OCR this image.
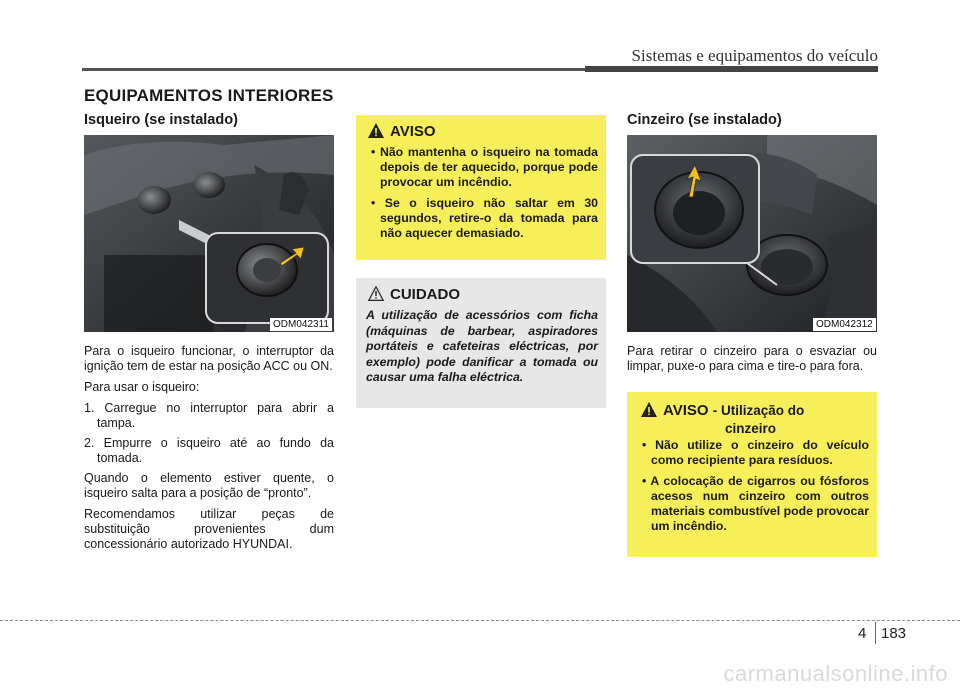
Sistemas e equipamentos do veículo
EQUIPAMENTOS INTERIORES
Isqueiro (se instalado)
ODM042311

Para o isqueiro funcionar, o interruptor da ignição tem de estar na posição ACC ou ON.

Para usar o isqueiro:

1. Carregue no interruptor para abrir a tampa.
2. Empurre o isqueiro até ao fundo da tomada.

Quando o elemento estiver quente, o isqueiro salta para a posição de “pronto”.

Recomendamos utilizar peças de substituição provenientes dum concessionário autorizado HYUNDAI.

AVISO
• Não mantenha o isqueiro na tomada depois de ter aquecido, porque pode provocar um incêndio.
• Se o isqueiro não saltar em 30 segundos, retire-o da tomada para não aquecer demasiado.
CUIDADO
A utilização de acessórios com ficha (máquinas de barbear, aspiradores portáteis e cafeteiras eléctricas, por exemplo) pode danificar a tomada ou causar uma falha eléctrica.
Cinzeiro (se instalado)
ODM042312

Para retirar o cinzeiro para o esvaziar ou limpar, puxe-o para cima e tire-o para fora.

AVISO - Utilização do
cinzeiro
• Não utilize o cinzeiro do veículo como recipiente para resíduos.
• A colocação de cigarros ou fósforos acesos num cinzeiro com outros materiais combustível pode provocar um incêndio.
4 183
carmanualsonline.info
